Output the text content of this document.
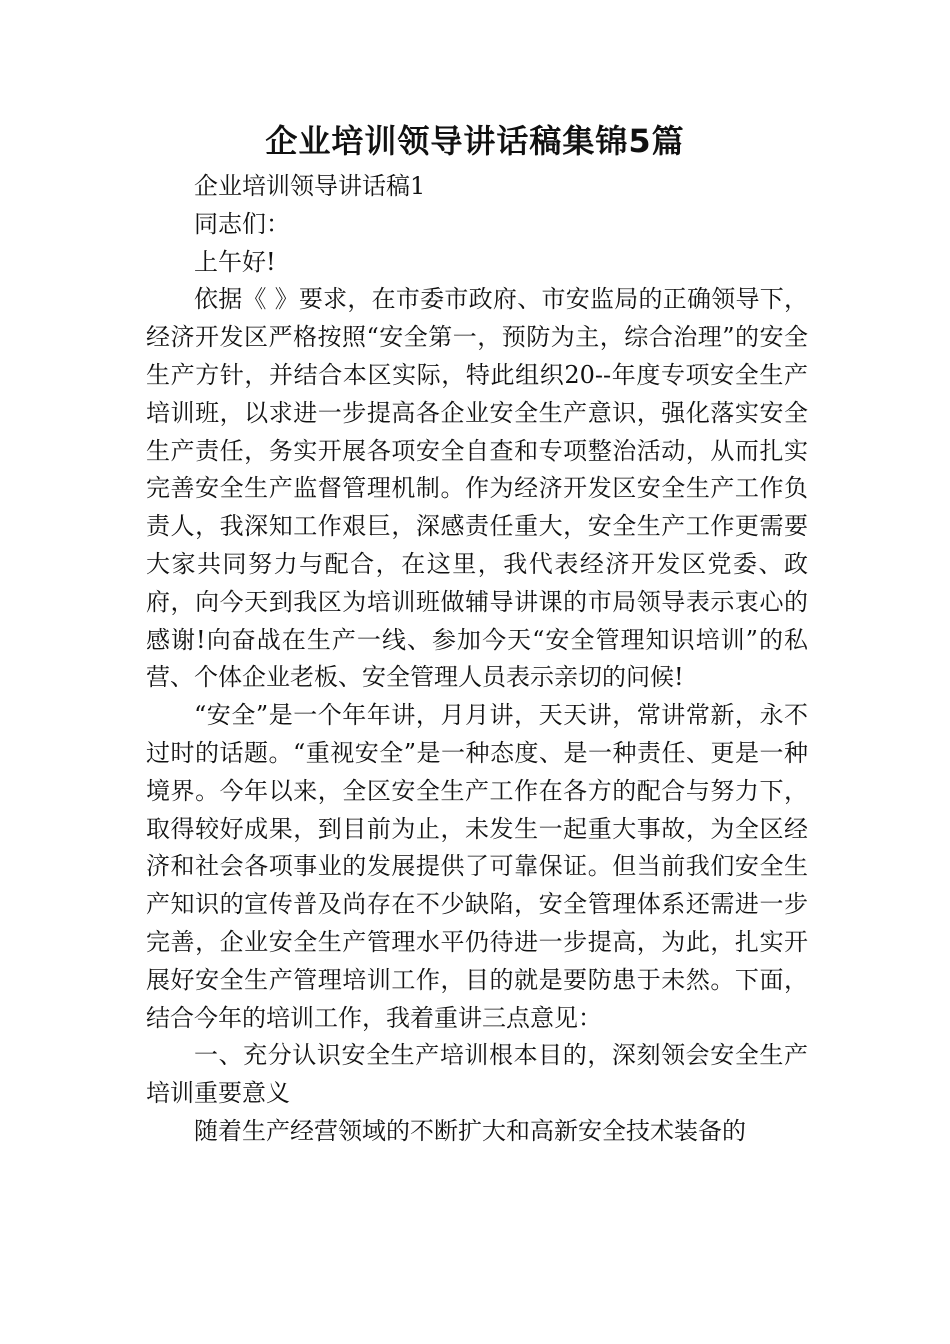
企业培训领导讲话稿集锦5篇

企业培训领导讲话稿1

同志们：

上午好!

依据《 》要求，在市委市政府、市安监局的正确领导下，经济开发区严格按照“安全第一，预防为主，综合治理”的安全生产方针，并结合本区实际，特此组织20--年度专项安全生产培训班，以求进一步提高各企业安全生产意识，强化落实安全生产责任，务实开展各项安全自查和专项整治活动，从而扎实完善安全生产监督管理机制。作为经济开发区安全生产工作负责人，我深知工作艰巨，深感责任重大，安全生产工作更需要大家共同努力与配合，在这里，我代表经济开发区党委、政府，向今天到我区为培训班做辅导讲课的市局领导表示衷心的感谢!向奋战在生产一线、参加今天“安全管理知识培训”的私营、个体企业老板、安全管理人员表示亲切的问候!

“安全”是一个年年讲，月月讲，天天讲，常讲常新，永不过时的话题。“重视安全”是一种态度、是一种责任、更是一种境界。今年以来，全区安全生产工作在各方的配合与努力下，取得较好成果，到目前为止，未发生一起重大事故，为全区经济和社会各项事业的发展提供了可靠保证。但当前我们安全生产知识的宣传普及尚存在不少缺陷，安全管理体系还需进一步完善，企业安全生产管理水平仍待进一步提高，为此，扎实开展好安全生产管理培训工作，目的就是要防患于未然。下面，结合今年的培训工作，我着重讲三点意见：

一、充分认识安全生产培训根本目的，深刻领会安全生产培训重要意义

随着生产经营领域的不断扩大和高新安全技术装备的
